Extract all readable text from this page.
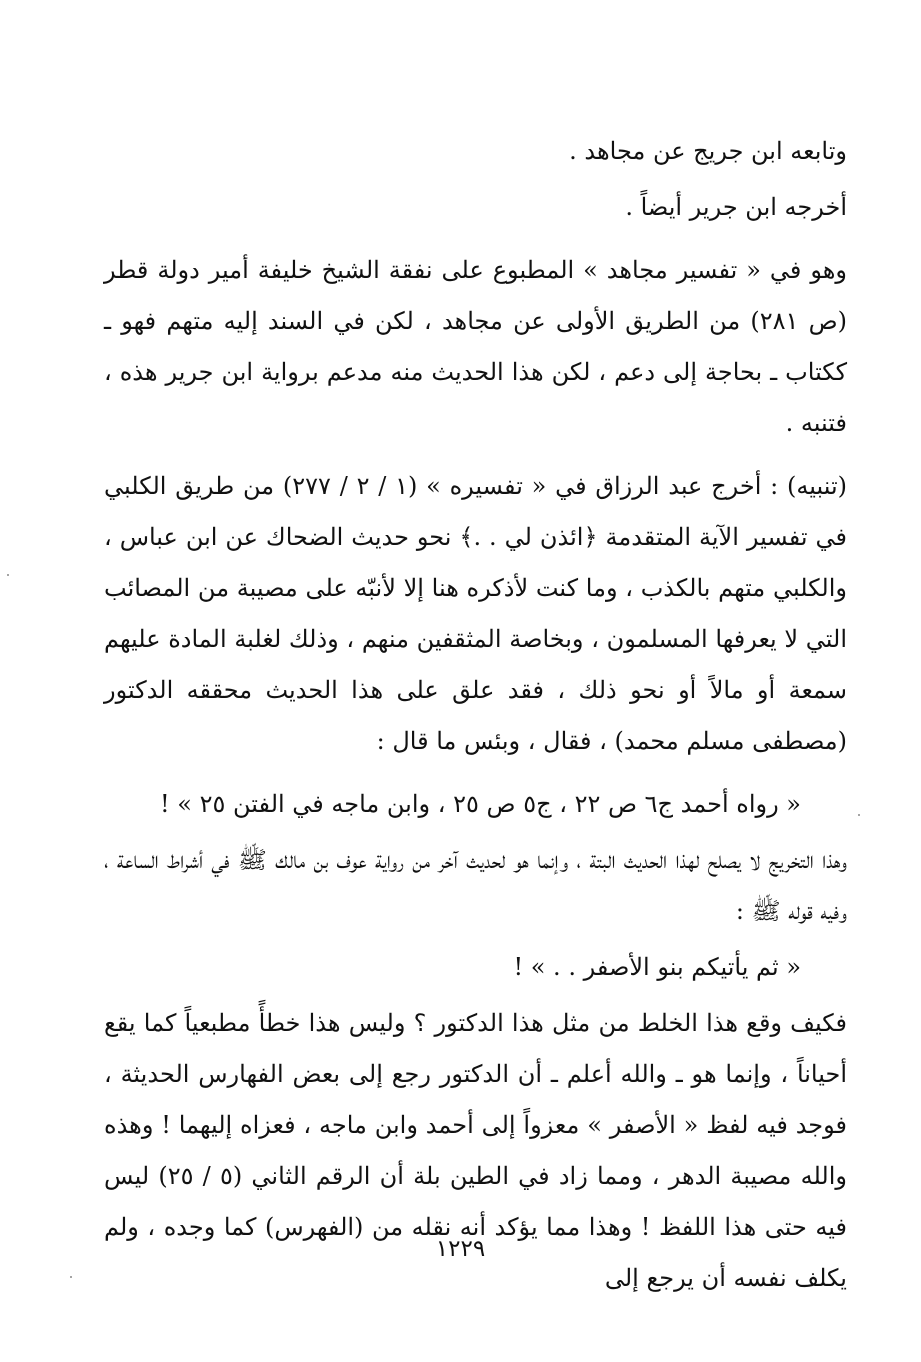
وتابعه ابن جريج عن مجاهد .

أخرجه ابن جرير أيضاً .

وهو في « تفسير مجاهد » المطبوع على نفقة الشيخ خليفة أمير دولة قطر (ص ٢٨١) من الطريق الأولى عن مجاهد ، لكن في السند إليه متهم فهو ـ ككتاب ـ بحاجة إلى دعم ، لكن هذا الحديث منه مدعم برواية ابن جرير هذه ، فتنبه .

(تنبيه) : أخرج عبد الرزاق في « تفسيره » (١ / ٢ / ٢٧٧) من طريق الكلبي في تفسير الآية المتقدمة ﴿ائذن لي . .﴾ نحو حديث الضحاك عن ابن عباس ، والكلبي متهم بالكذب ، وما كنت لأذكره هنا إلا لأنبّه على مصيبة من المصائب التي لا يعرفها المسلمون ، وبخاصة المثقفين منهم ، وذلك لغلبة المادة عليهم سمعة أو مالاً أو نحو ذلك ، فقد علق على هذا الحديث محققه الدكتور (مصطفى مسلم محمد) ، فقال ، وبئس ما قال :

« رواه أحمد ج٦ ص ٢٢ ، ج٥ ص ٢٥ ، وابن ماجه في الفتن ٢٥ » !

وهذا التخريج لا يصلح لهذا الحديث البتة ، وإنما هو لحديث آخر من رواية عوف بن مالك ﷺ في أشراط الساعة ، وفيه قوله ﷺ :

« ثم يأتيكم بنو الأصفر . . » !

فكيف وقع هذا الخلط من مثل هذا الدكتور ؟ وليس هذا خطأً مطبعياً كما يقع أحياناً ، وإنما هو ـ والله أعلم ـ أن الدكتور رجع إلى بعض الفهارس الحديثة ، فوجد فيه لفظ « الأصفر » معزواً إلى أحمد وابن ماجه ، فعزاه إليهما ! وهذه والله مصيبة الدهر ، ومما زاد في الطين بلة أن الرقم الثاني (٥ / ٢٥) ليس فيه حتى هذا اللفظ ! وهذا مما يؤكد أنه نقله من (الفهرس) كما وجده ، ولم يكلف نفسه أن يرجع إلى

١٢٢٩
